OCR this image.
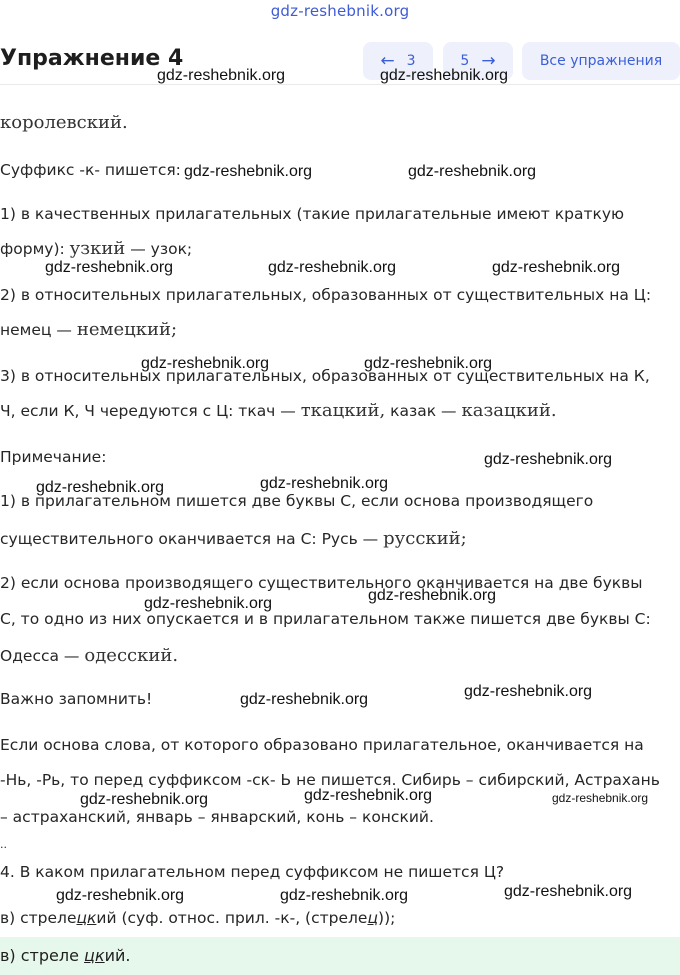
gdz-reshebnik.org
Упражнение 4	← 3	5 →	Все упражнения
королевский.
Суффикс -к- пишется:
1) в качественных прилагательных (такие прилагательные имеют краткую
форму): узкий — узок;
2) в относительных прилагательных, образованных от существительных на Ц:
немец — немецкий;
3) в относительных прилагательных, образованных от существительных на К,
Ч, если К, Ч чередуются с Ц: ткач — ткацкий, казак — казацкий.
Примечание:
1) в прилагательном пишется две буквы С, если основа производящего
существительного оканчивается на С: Русь — русский;
2) если основа производящего существительного оканчивается на две буквы
С, то одно из них опускается и в прилагательном также пишется две буквы С:
Одесса — одесский.
Важно запомнить!
Если основа слова, от которого образовано прилагательное, оканчивается на
-Нь, -Рь, то перед суффиксом -ск- Ь не пишется. Сибирь – сибирский, Астрахань
– астраханский, январь – январский, конь – конский.
..
4. В каком прилагательном перед суффиксом не пишется Ц?
в) стрелецкий (суф. относ. прил. -к-, (стрелец));
в) стреле цкий.
gdz-reshebnik.org	gdz-reshebnik.org
gdz-reshebnik.org	gdz-reshebnik.org
gdz-reshebnik.org	gdz-reshebnik.org	gdz-reshebnik.org
gdz-reshebnik.org	gdz-reshebnik.org
gdz-reshebnik.org
gdz-reshebnik.org
gdz-reshebnik.org
gdz-reshebnik.org
gdz-reshebnik.org
gdz-reshebnik.org
gdz-reshebnik.org
gdz-reshebnik.org
gdz-reshebnik.org	gdz-reshebnik.org
gdz-reshebnik.org
gdz-reshebnik.org	gdz-reshebnik.org
